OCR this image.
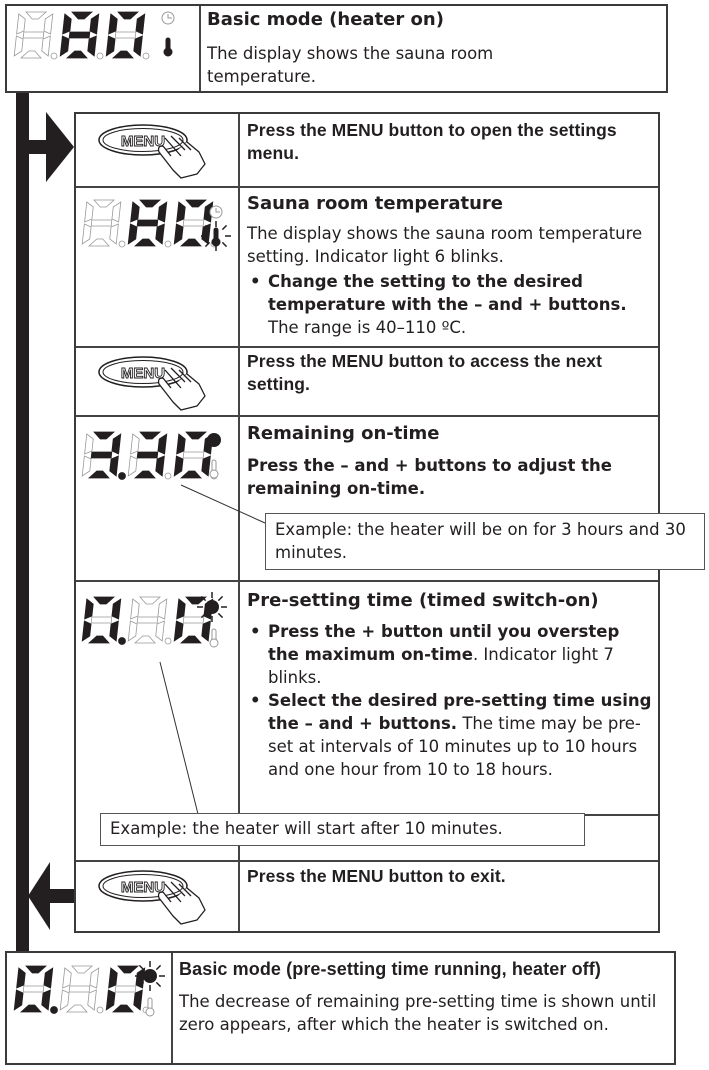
Basic mode (heater on)
The display shows the sauna room temperature.
MENU
Press the MENU button to open the settings menu.
Sauna room temperature
The display shows the sauna room temperature setting. Indicator light 6 blinks.
• Change the setting to the desired temperature with the – and + buttons. The range is 40–110 ºC.
MENU
Press the MENU button to access the next setting.
Remaining on-time
Press the – and + buttons to adjust the remaining on-time.
Example: the heater will be on for 3 hours and 30 minutes.
Pre-setting time (timed switch-on)
• Press the + button until you overstep the maximum on-time. Indicator light 7 blinks.
• Select the desired pre-setting time using the – and + buttons. The time may be pre-set at intervals of 10 minutes up to 10 hours and one hour from 10 to 18 hours.
Example: the heater will start after 10 minutes.
MENU
Press the MENU button to exit.
Basic mode (pre-setting time running, heater off)
The decrease of remaining pre-setting time is shown until zero appears, after which the heater is switched on.
